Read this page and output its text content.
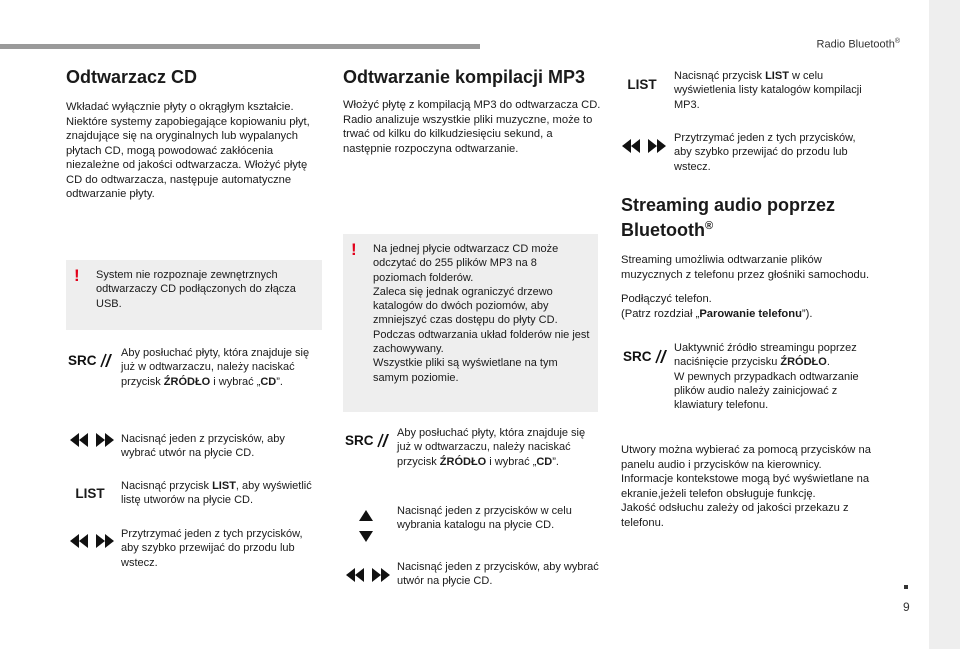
Radio Bluetooth®
9
Odtwarzacz CD

Wkładać wyłącznie płyty o okrągłym kształcie. Niektóre systemy zapobiegające kopiowaniu płyt, znajdujące się na oryginalnych lub wypalanych płytach CD, mogą powodować zakłócenia niezależne od jakości odtwarzacza. Włożyć płytę CD do odtwarzacza, następuje automatyczne odtwarzanie płyty.

! System nie rozpoznaje zewnętrznych odtwarzaczy CD podłączonych do złącza USB.
SRC Aby posłuchać płyty, która znajduje się już w odtwarzaczu, należy naciskać przycisk ŹRÓDŁO i wybrać „CD”.
Nacisnąć jeden z przycisków, aby wybrać utwór na płycie CD.
LIST Nacisnąć przycisk LIST, aby wyświetlić listę utworów na płycie CD.
Przytrzymać jeden z tych przycisków, aby szybko przewijać do przodu lub wstecz.
Odtwarzanie kompilacji MP3

Włożyć płytę z kompilacją MP3 do odtwarzacza CD.
Radio analizuje wszystkie pliki muzyczne, może to trwać od kilku do kilkudziesięciu sekund, a następnie rozpoczyna odtwarzanie.

! Na jednej płycie odtwarzacz CD może odczytać do 255 plików MP3 na 8 poziomach folderów.
Zaleca się jednak ograniczyć drzewo katalogów do dwóch poziomów, aby zmniejszyć czas dostępu do płyty CD.
Podczas odtwarzania układ folderów nie jest zachowywany.
Wszystkie pliki są wyświetlane na tym samym poziomie.
SRC Aby posłuchać płyty, która znajduje się już w odtwarzaczu, należy naciskać przycisk ŹRÓDŁO i wybrać „CD”.
Nacisnąć jeden z przycisków w celu wybrania katalogu na płycie CD.
Nacisnąć jeden z przycisków, aby wybrać utwór na płycie CD.
LIST
Nacisnąć przycisk LIST w celu wyświetlenia listy katalogów kompilacji MP3.
Przytrzymać jeden z tych przycisków, aby szybko przewijać do przodu lub wstecz.
Streaming audio poprzez Bluetooth®

Streaming umożliwia odtwarzanie plików muzycznych z telefonu przez głośniki samochodu.

Podłączyć telefon.

(Patrz rozdział „Parowanie telefonu”).

SRC
Uaktywnić źródło streamingu poprzez naciśnięcie przycisku ŹRÓDŁO.
W pewnych przypadkach odtwarzanie plików audio należy zainicjować z klawiatury telefonu.
Utwory można wybierać za pomocą przycisków na panelu audio i przycisków na kierownicy.
Informacje kontekstowe mogą być wyświetlane na ekranie,jeżeli telefon obsługuje funkcję.
Jakość odsłuchu zależy od jakości przekazu z telefonu.
